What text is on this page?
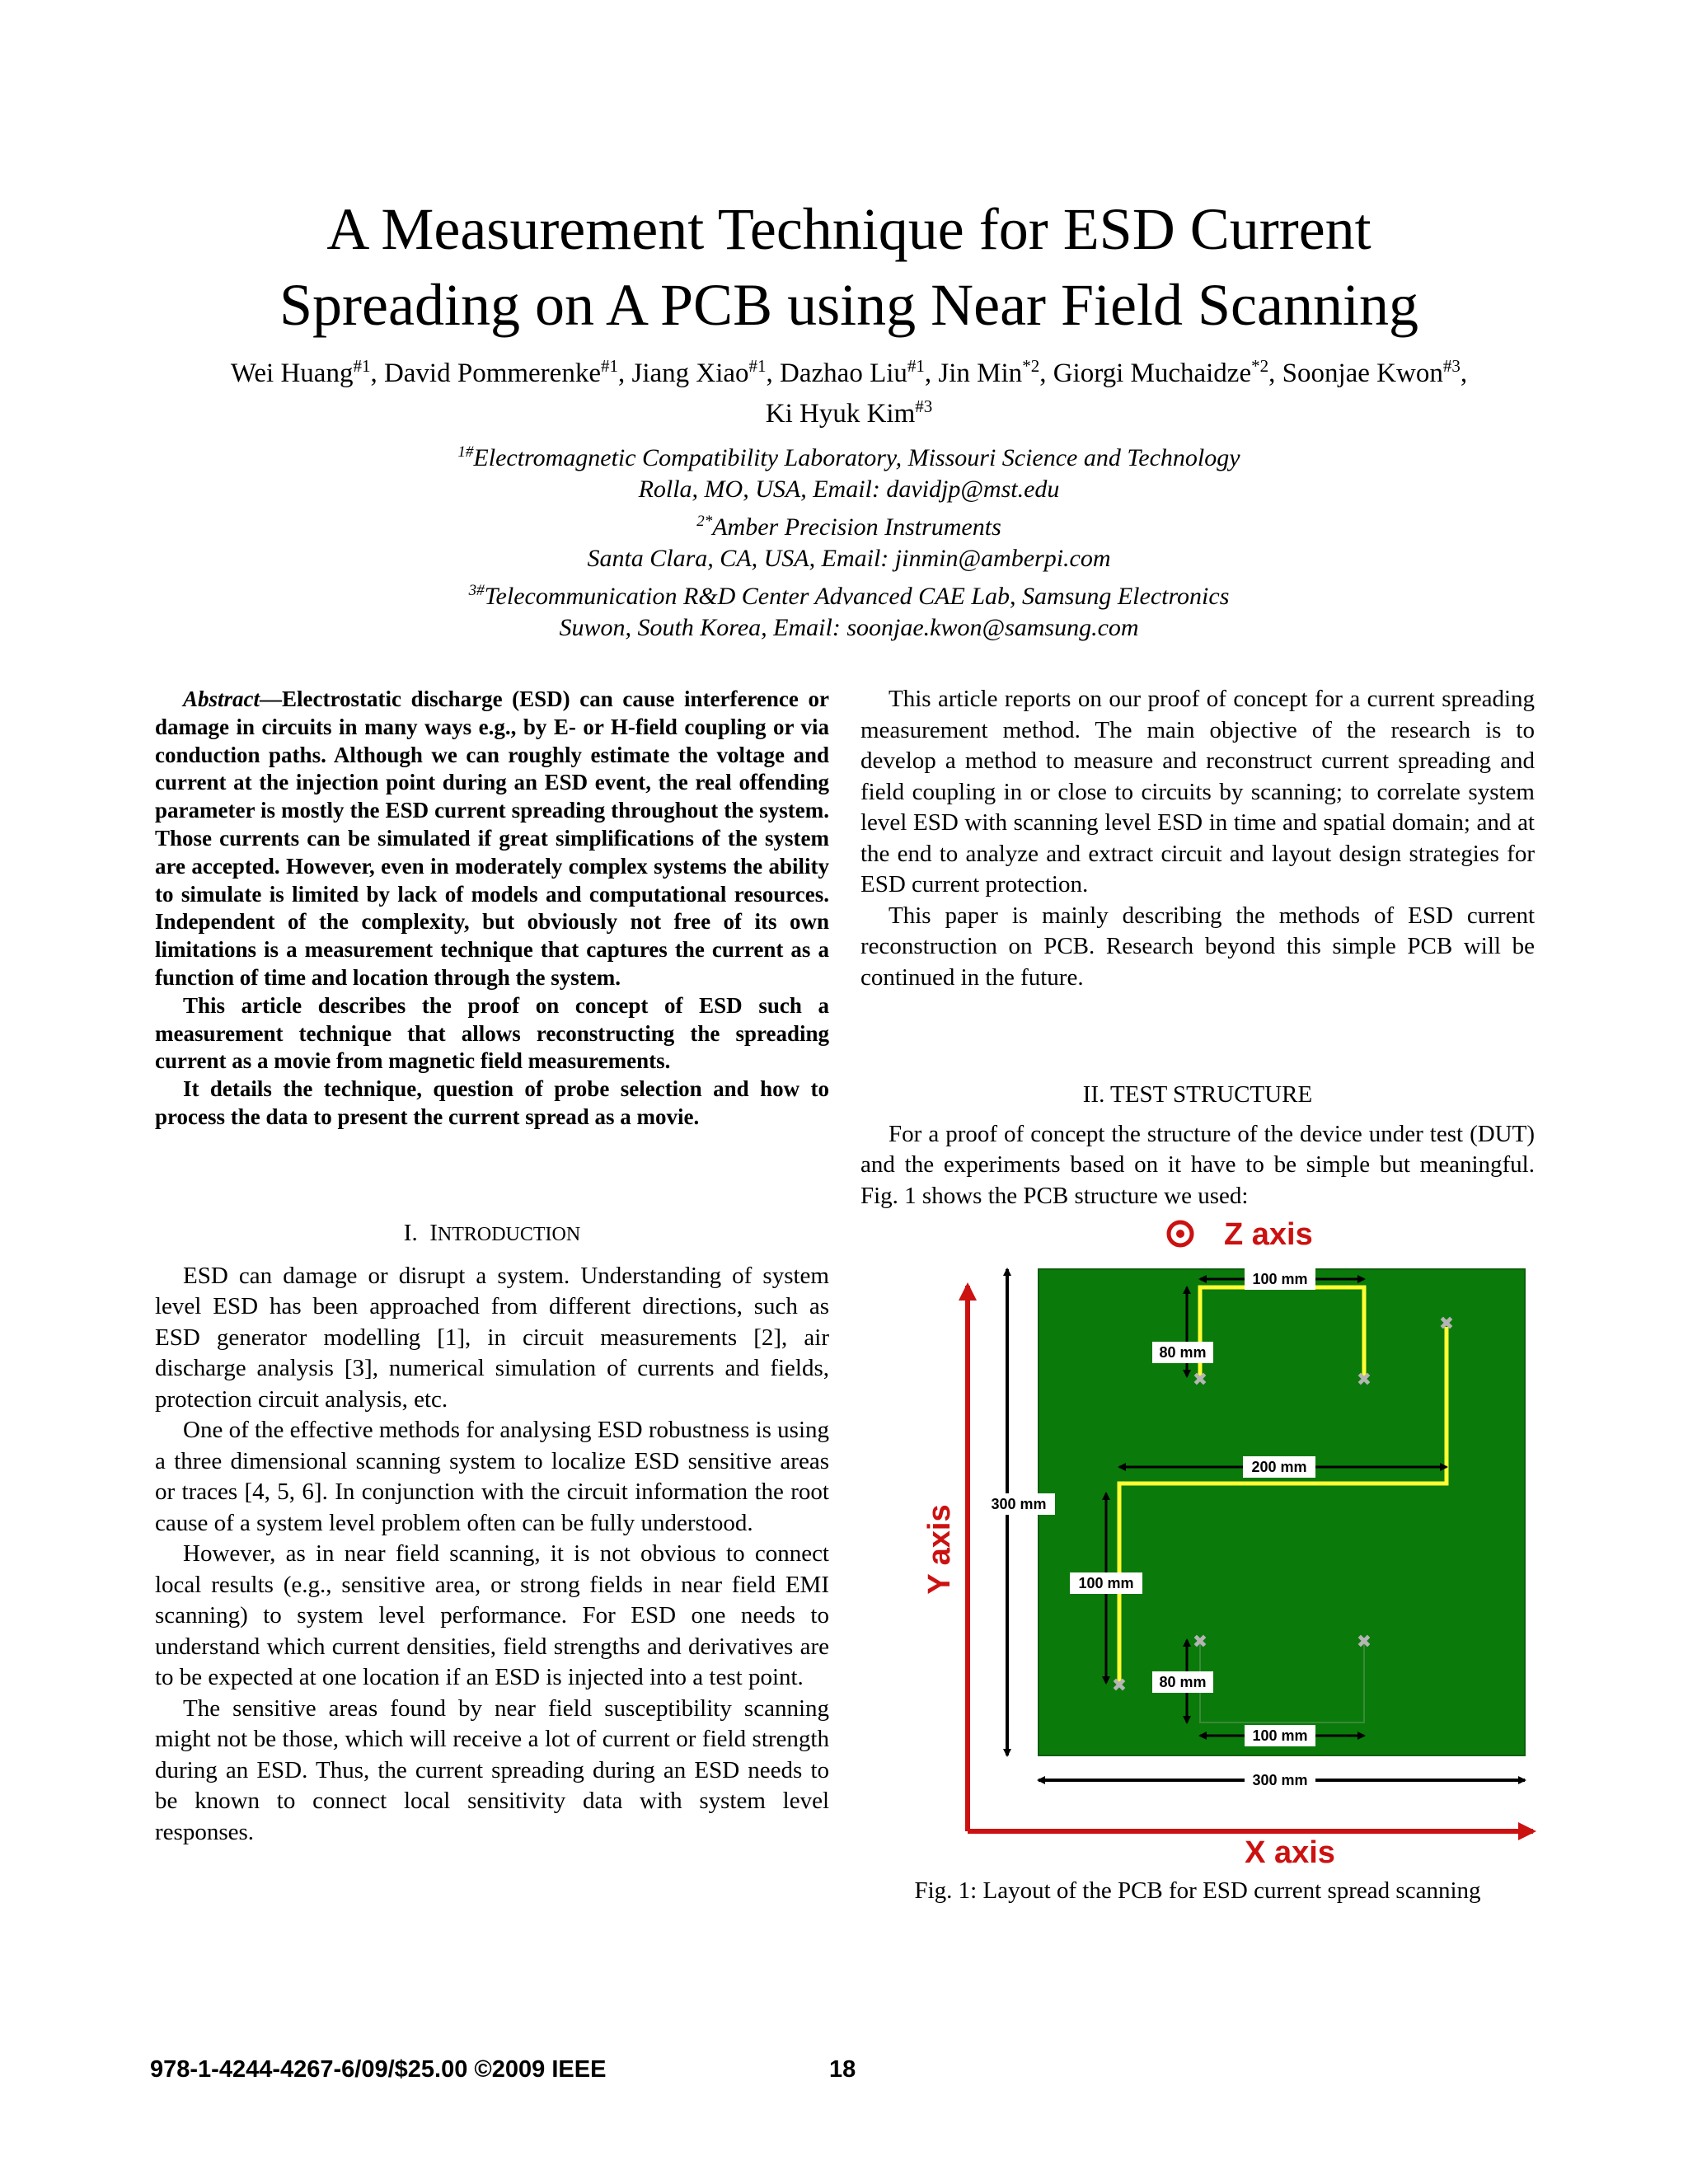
A Measurement Technique for ESD Current
Spreading on A PCB using Near Field Scanning
Wei Huang$^{\#1}$, David Pommerenke$^{\#1}$, Jiang Xiao$^{\#1}$, Dazhao Liu$^{\#1}$, Jin Min$^{*2}$, Giorgi Muchaidze$^{*2}$, Soonjae Kwon$^{\#3}$,
Ki Hyuk Kim$^{\#3}$
$^{1\#}$Electromagnetic Compatibility Laboratory, Missouri Science and Technology
Rolla, MO, USA, Email: davidjp@mst.edu
$^{2*}$Amber Precision Instruments
Santa Clara, CA, USA, Email: jinmin@amberpi.com
$^{3\#}$Telecommunication R&D Center Advanced CAE Lab, Samsung Electronics
Suwon, South Korea, Email: soonjae.kwon@samsung.com

Abstract—Electrostatic discharge (ESD) can cause interference or damage in circuits in many ways e.g., by E- or H-field coupling or via conduction paths. Although we can roughly estimate the voltage and current at the injection point during an ESD event, the real offending parameter is mostly the ESD current spreading throughout the system. Those currents can be simulated if great simplifications of the system are accepted. However, even in moderately complex systems the ability to simulate is limited by lack of models and computational resources. Independent of the complexity, but obviously not free of its own limitations is a measurement technique that captures the current as a function of time and location through the system.

This article describes the proof on concept of ESD such a measurement technique that allows reconstructing the spreading current as a movie from magnetic field measurements.

It details the technique, question of probe selection and how to process the data to present the current spread as a movie.

I. INTRODUCTION

ESD can damage or disrupt a system. Understanding of system level ESD has been approached from different directions, such as ESD generator modelling [1], in circuit measurements [2], air discharge analysis [3], numerical simulation of currents and fields, protection circuit analysis, etc.

One of the effective methods for analysing ESD robustness is using a three dimensional scanning system to localize ESD sensitive areas or traces [4, 5, 6]. In conjunction with the circuit information the root cause of a system level problem often can be fully understood.

However, as in near field scanning, it is not obvious to connect local results (e.g., sensitive area, or strong fields in near field EMI scanning) to system level performance. For ESD one needs to understand which current densities, field strengths and derivatives are to be expected at one location if an ESD is injected into a test point.

The sensitive areas found by near field susceptibility scanning might not be those, which will receive a lot of current or field strength during an ESD. Thus, the current spreading during an ESD needs to be known to connect local sensitivity data with system level responses.

This article reports on our proof of concept for a current spreading measurement method. The main objective of the research is to develop a method to measure and reconstruct current spreading and field coupling in or close to circuits by scanning; to correlate system level ESD with scanning level ESD in time and spatial domain; and at the end to analyze and extract circuit and layout design strategies for ESD current protection.

This paper is mainly describing the methods of ESD current reconstruction on PCB. Research beyond this simple PCB will be continued in the future.

II. TEST STRUCTURE

For a proof of concept the structure of the device under test (DUT) and the experiments based on it have to be simple but meaningful. Fig. 1 shows the PCB structure we used:

Z axis
Y axis
X axis
✖	✖
✖
✖
✖	✖
100 mm
80 mm
200 mm
300 mm
100 mm
80 mm
100 mm
300 mm
Fig. 1: Layout of the PCB for ESD current spread scanning
978-1-4244-4267-6/09/$25.00 ©2009 IEEE	18
